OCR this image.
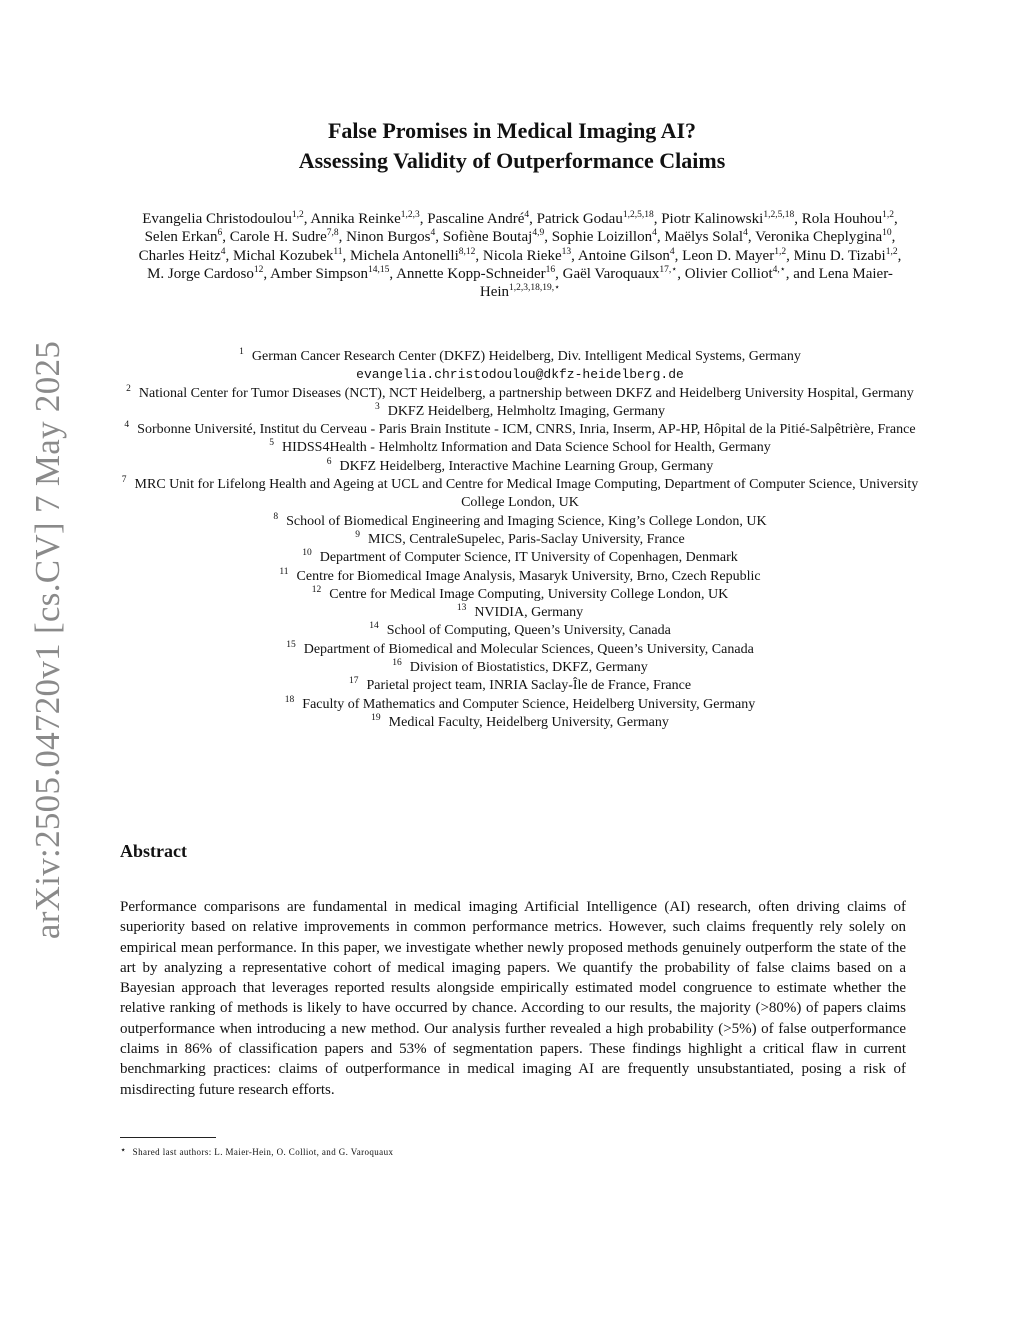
arXiv:2505.04720v1 [cs.CV] 7 May 2025
False Promises in Medical Imaging AI?
Assessing Validity of Outperformance Claims
Evangelia Christodoulou$^{1,2}$, Annika Reinke$^{1,2,3}$, Pascaline André$^4$, Patrick Godau$^{1,2,5,18}$, Piotr Kalinowski$^{1,2,5,18}$, Rola Houhou$^{1,2}$, Selen Erkan$^6$, Carole H. Sudre$^{7,8}$, Ninon Burgos$^4$, Sofiène Boutaj$^{4,9}$, Sophie Loizillon$^4$, Maëlys Solal$^4$, Veronika Cheplygina$^{10}$, Charles Heitz$^4$, Michal Kozubek$^{11}$, Michela Antonelli$^{8,12}$, Nicola Rieke$^{13}$, Antoine Gilson$^4$, Leon D. Mayer$^{1,2}$, Minu D. Tizabi$^{1,2}$, M. Jorge Cardoso$^{12}$, Amber Simpson$^{14,15}$, Annette Kopp-Schneider$^{16}$, Gaël Varoquaux$^{17,⋆}$, Olivier Colliot$^{4,⋆}$, and Lena Maier-Hein$^{1,2,3,18,19,⋆}$
$^1$ German Cancer Research Center (DKFZ) Heidelberg, Div. Intelligent Medical Systems, Germany
evangelia.christodoulou@dkfz-heidelberg.de
$^2$ National Center for Tumor Diseases (NCT), NCT Heidelberg, a partnership between DKFZ and Heidelberg University Hospital, Germany
$^3$ DKFZ Heidelberg, Helmholtz Imaging, Germany
$^4$ Sorbonne Université, Institut du Cerveau - Paris Brain Institute - ICM, CNRS, Inria, Inserm, AP-HP, Hôpital de la Pitié-Salpêtrière, France
$^5$ HIDSS4Health - Helmholtz Information and Data Science School for Health, Germany
$^6$ DKFZ Heidelberg, Interactive Machine Learning Group, Germany
$^7$ MRC Unit for Lifelong Health and Ageing at UCL and Centre for Medical Image Computing, Department of Computer Science, University College London, UK
$^8$ School of Biomedical Engineering and Imaging Science, King’s College London, UK
$^9$ MICS, CentraleSupelec, Paris-Saclay University, France
$^{10}$ Department of Computer Science, IT University of Copenhagen, Denmark
$^{11}$ Centre for Biomedical Image Analysis, Masaryk University, Brno, Czech Republic
$^{12}$ Centre for Medical Image Computing, University College London, UK
$^{13}$ NVIDIA, Germany
$^{14}$ School of Computing, Queen’s University, Canada
$^{15}$ Department of Biomedical and Molecular Sciences, Queen’s University, Canada
$^{16}$ Division of Biostatistics, DKFZ, Germany
$^{17}$ Parietal project team, INRIA Saclay-Île de France, France
$^{18}$ Faculty of Mathematics and Computer Science, Heidelberg University, Germany
$^{19}$ Medical Faculty, Heidelberg University, Germany
Abstract
Performance comparisons are fundamental in medical imaging Artificial Intelligence (AI) research, often driving claims of superiority based on relative improvements in common performance metrics. However, such claims frequently rely solely on empirical mean performance. In this paper, we investigate whether newly proposed methods genuinely outperform the state of the art by analyzing a representative cohort of medical imaging papers. We quantify the probability of false claims based on a Bayesian approach that leverages reported results alongside empirically estimated model congruence to estimate whether the relative ranking of methods is likely to have occurred by chance. According to our results, the majority (>80%) of papers claims outperformance when introducing a new method. Our analysis further revealed a high probability (>5%) of false outperformance claims in 86% of classification papers and 53% of segmentation papers. These findings highlight a critical flaw in current benchmarking practices: claims of outperformance in medical imaging AI are frequently unsubstantiated, posing a risk of misdirecting future research efforts.
⋆ Shared last authors: L. Maier-Hein, O. Colliot, and G. Varoquaux
